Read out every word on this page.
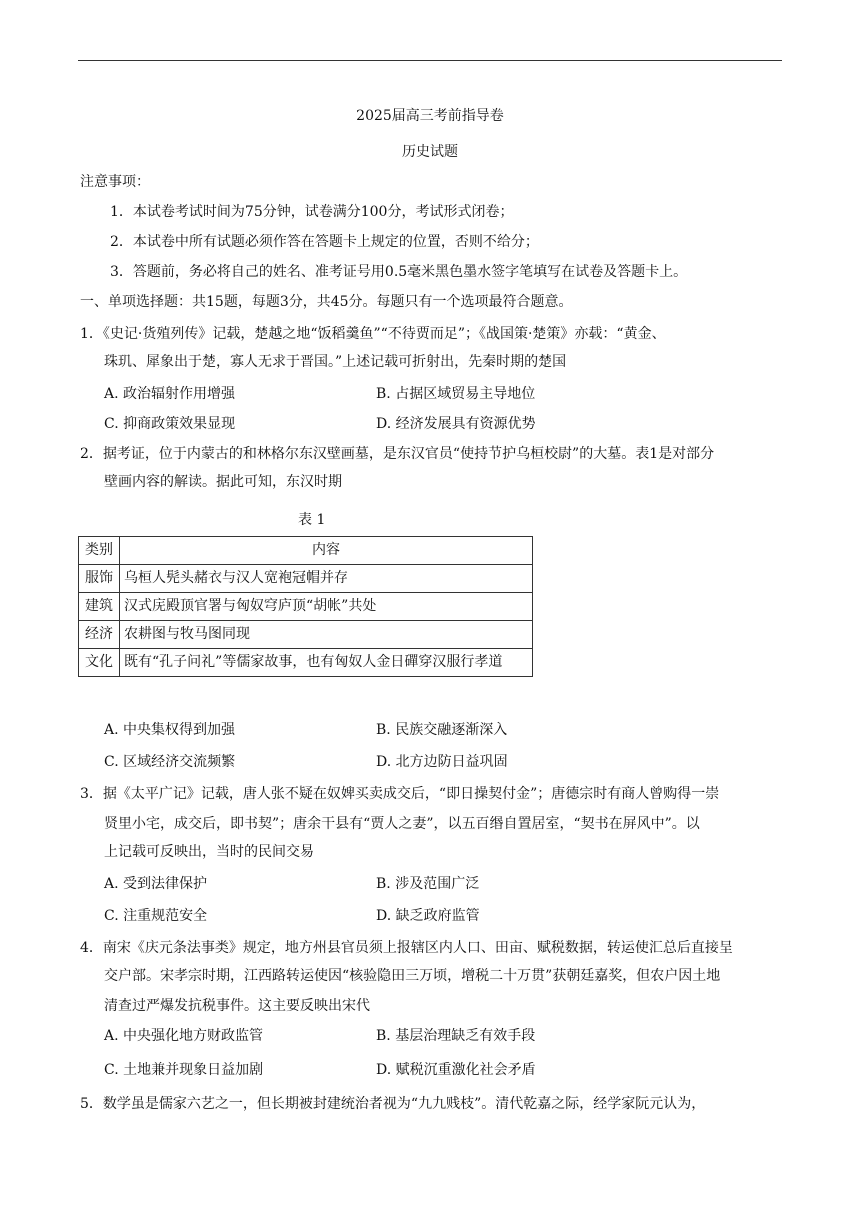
2025届高三考前指导卷
历史试题
注意事项：
1．本试卷考试时间为75分钟，试卷满分100分，考试形式闭卷；
2．本试卷中所有试题必须作答在答题卡上规定的位置，否则不给分；
3．答题前，务必将自己的姓名、准考证号用0.5毫米黑色墨水签字笔填写在试卷及答题卡上。
一、单项选择题：共15题，每题3分，共45分。每题只有一个选项最符合题意。
1．《史记·货殖列传》记载，楚越之地“饭稻羹鱼”“不待贾而足”；《战国策·楚策》亦载：“黄金、
珠玑、犀象出于楚，寡人无求于晋国。”上述记载可折射出，先秦时期的楚国
A. 政治辐射作用增强	B. 占据区域贸易主导地位
C. 抑商政策效果显现	D. 经济发展具有资源优势
2．据考证，位于内蒙古的和林格尔东汉壁画墓，是东汉官员“使持节护乌桓校尉”的大墓。表1是对部分
壁画内容的解读。据此可知，东汉时期
表 1
类别	内容
服饰	乌桓人髡头赭衣与汉人宽袍冠帽并存
建筑	汉式庑殿顶官署与匈奴穹庐顶“胡帐”共处
经济	农耕图与牧马图同现
文化	既有“孔子问礼”等儒家故事，也有匈奴人金日磾穿汉服行孝道
A. 中央集权得到加强	B. 民族交融逐渐深入
C. 区域经济交流频繁	D. 北方边防日益巩固
3．据《太平广记》记载，唐人张不疑在奴婢买卖成交后，“即日操契付金”；唐德宗时有商人曾购得一崇
贤里小宅，成交后，即书契”；唐余干县有“贾人之妻”，以五百缗自置居室，“契书在屏风中”。以
上记载可反映出，当时的民间交易
A. 受到法律保护	B. 涉及范围广泛
C. 注重规范安全	D. 缺乏政府监管
4．南宋《庆元条法事类》规定，地方州县官员须上报辖区内人口、田亩、赋税数据，转运使汇总后直接呈
交户部。宋孝宗时期，江西路转运使因“核验隐田三万顷，增税二十万贯”获朝廷嘉奖，但农户因土地
清查过严爆发抗税事件。这主要反映出宋代
A. 中央强化地方财政监管	B. 基层治理缺乏有效手段
C. 土地兼并现象日益加剧	D. 赋税沉重激化社会矛盾
5．数学虽是儒家六艺之一，但长期被封建统治者视为“九九贱枝”。清代乾嘉之际，经学家阮元认为，
